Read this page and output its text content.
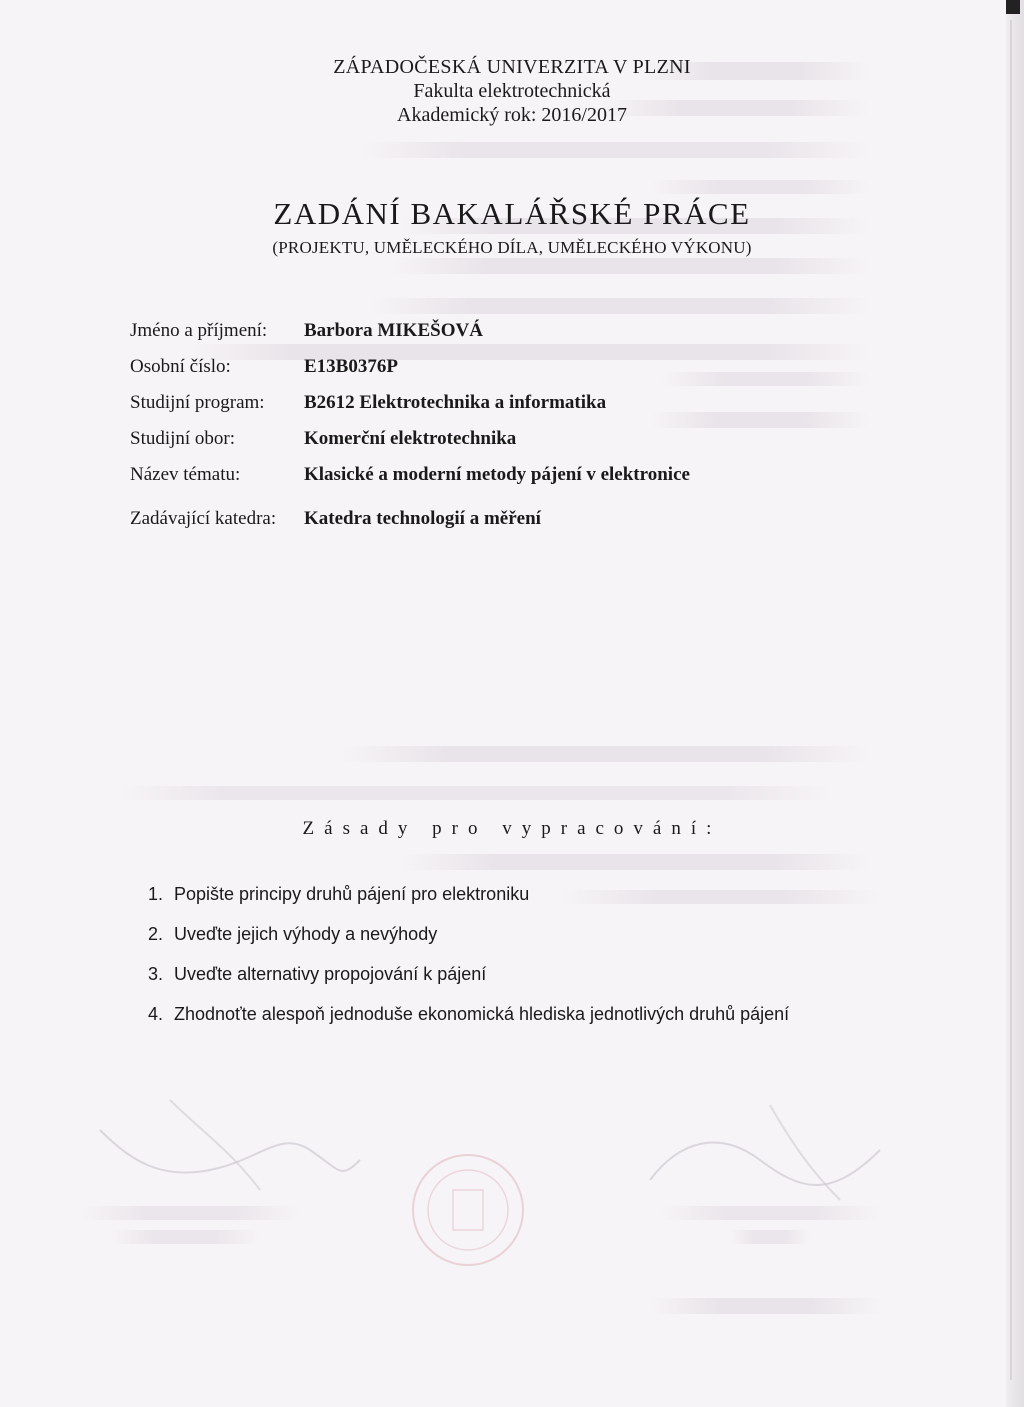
ZÁPADOČESKÁ UNIVERZITA V PLZNI
Fakulta elektrotechnická
Akademický rok: 2016/2017
ZADÁNÍ BAKALÁŘSKÉ PRÁCE
(PROJEKTU, UMĚLECKÉHO DÍLA, UMĚLECKÉHO VÝKONU)
Jméno a příjmení: Barbora MIKEŠOVÁ
Osobní číslo:	E13B0376P
Studijní program: B2612 Elektrotechnika a informatika
Studijní obor:	Komerční elektrotechnika
Název tématu:	Klasické a moderní metody pájení v elektronice
Zadávající katedra: Katedra technologií a měření
Zásady pro vypracování:
1. Popište principy druhů pájení pro elektroniku
2. Uveďte jejich výhody a nevýhody
3. Uveďte alternativy propojování k pájení
4. Zhodnoťte alespoň jednoduše ekonomická hlediska jednotlivých druhů pájení
